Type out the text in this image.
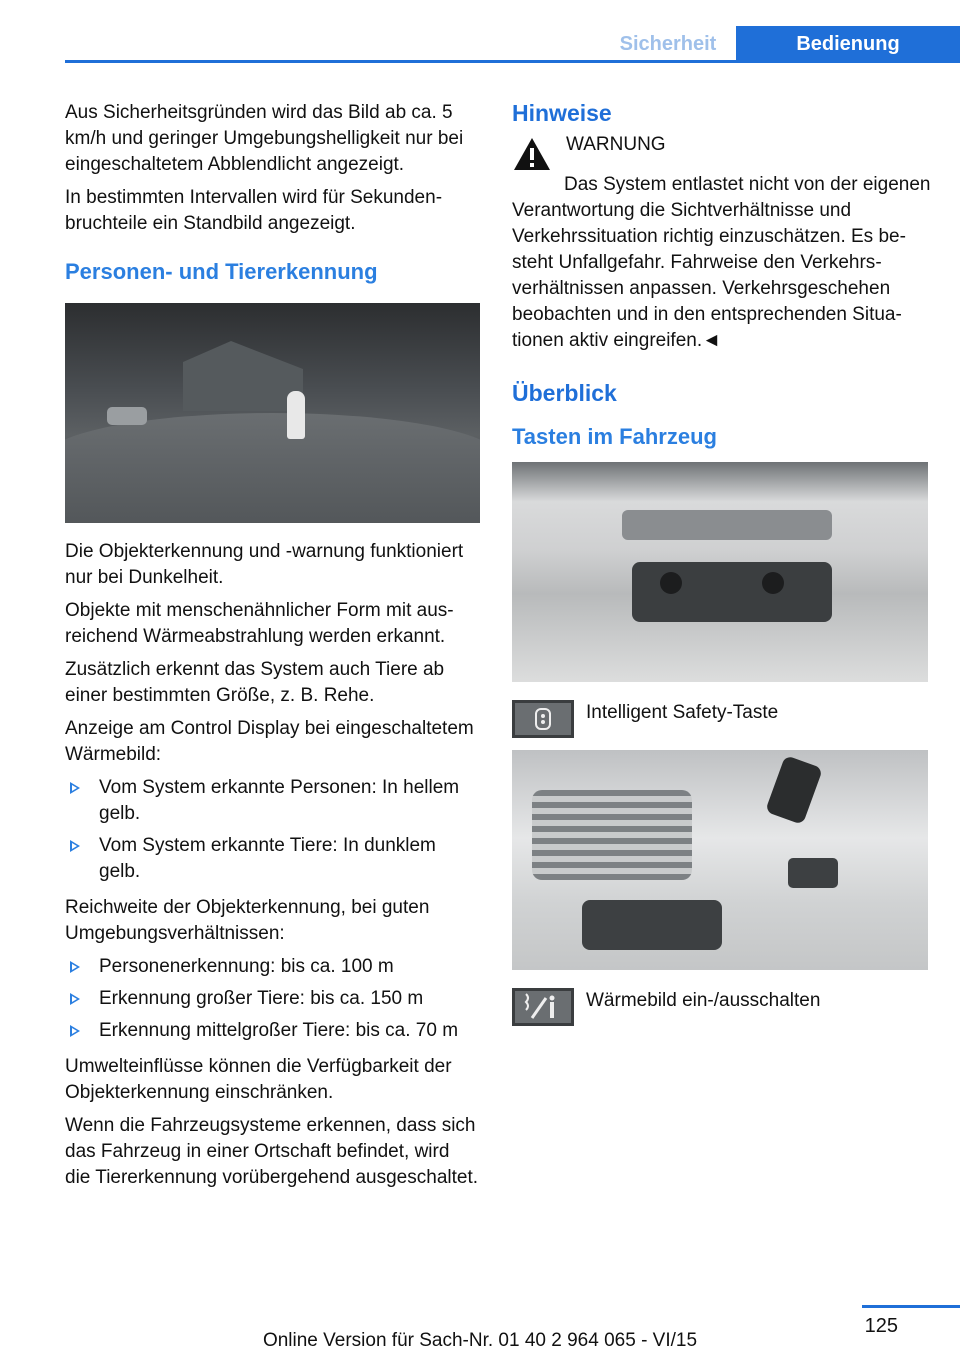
Sicherheit	Bedienung

Aus Sicherheitsgründen wird das Bild ab ca. 5 km/h und geringer Umgebungshelligkeit nur bei eingeschaltetem Abblendlicht angezeigt.

In bestimmten Intervallen wird für Sekundenbruchteile ein Standbild angezeigt.

Personen- und Tiererkennung

Die Objekterkennung und -warnung funktioniert nur bei Dunkelheit.

Objekte mit menschenähnlicher Form mit ausreichend Wärmeabstrahlung werden erkannt.

Zusätzlich erkennt das System auch Tiere ab einer bestimmten Größe, z. B. Rehe.

Anzeige am Control Display bei eingeschaltetem Wärmebild:

Vom System erkannte Personen: In hellem gelb.
Vom System erkannte Tiere: In dunklem gelb.

Reichweite der Objekterkennung, bei guten Umgebungsverhältnissen:

Personenerkennung: bis ca. 100 m
Erkennung großer Tiere: bis ca. 150 m
Erkennung mittelgroßer Tiere: bis ca. 70 m

Umwelteinflüsse können die Verfügbarkeit der Objekterkennung einschränken.

Wenn die Fahrzeugsysteme erkennen, dass sich das Fahrzeug in einer Ortschaft befindet, wird die Tiererkennung vorübergehend ausgeschaltet.

Hinweise
WARNUNG

Das System entlastet nicht von der eigenen Verantwortung die Sichtverhältnisse und Verkehrssituation richtig einzuschätzen. Es besteht Unfallgefahr. Fahrweise den Verkehrsverhältnissen anpassen. Verkehrsgeschehen beobachten und in den entsprechenden Situationen aktiv eingreifen.◄

Überblick
Tasten im Fahrzeug

Intelligent Safety-Taste

Wärmebild ein-/ausschalten

125
Online Version für Sach-Nr. 01 40 2 964 065 - VI/15
